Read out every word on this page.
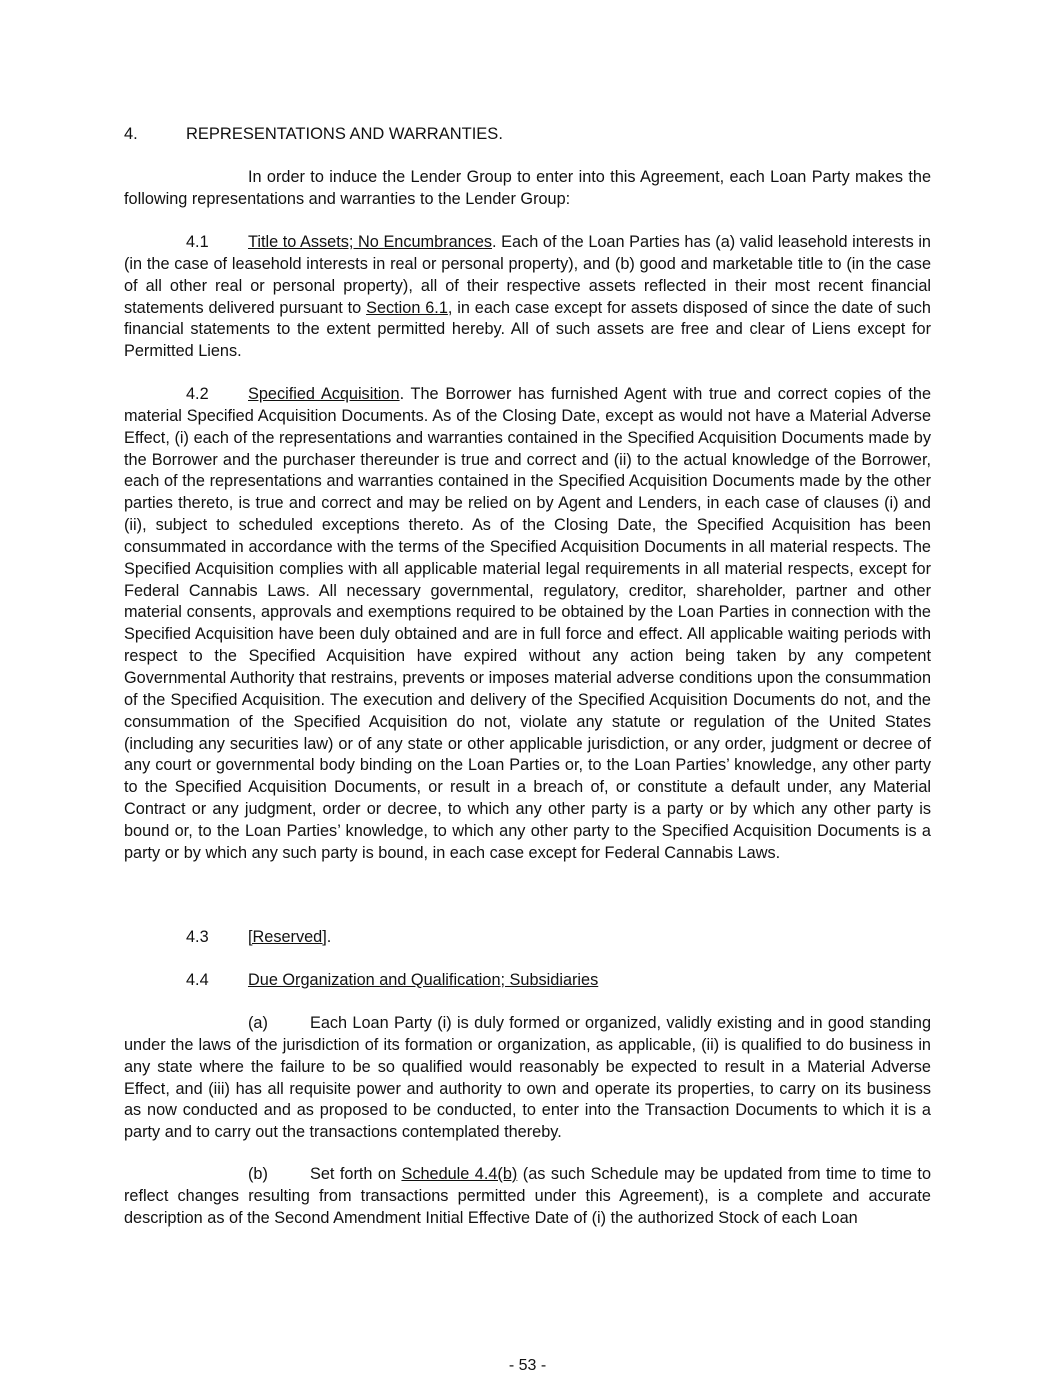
4.	REPRESENTATIONS AND WARRANTIES.

In order to induce the Lender Group to enter into this Agreement, each Loan Party makes the following representations and warranties to the Lender Group:

4.1 Title to Assets; No Encumbrances. Each of the Loan Parties has (a) valid leasehold interests in (in the case of leasehold interests in real or personal property), and (b) good and marketable title to (in the case of all other real or personal property), all of their respective assets reflected in their most recent financial statements delivered pursuant to Section 6.1, in each case except for assets disposed of since the date of such financial statements to the extent permitted hereby. All of such assets are free and clear of Liens except for Permitted Liens.

4.2 Specified Acquisition. The Borrower has furnished Agent with true and correct copies of the material Specified Acquisition Documents. As of the Closing Date, except as would not have a Material Adverse Effect, (i) each of the representations and warranties contained in the Specified Acquisition Documents made by the Borrower and the purchaser thereunder is true and correct and (ii) to the actual knowledge of the Borrower, each of the representations and warranties contained in the Specified Acquisition Documents made by the other parties thereto, is true and correct and may be relied on by Agent and Lenders, in each case of clauses (i) and (ii), subject to scheduled exceptions thereto. As of the Closing Date, the Specified Acquisition has been consummated in accordance with the terms of the Specified Acquisition Documents in all material respects. The Specified Acquisition complies with all applicable material legal requirements in all material respects, except for Federal Cannabis Laws. All necessary governmental, regulatory, creditor, shareholder, partner and other material consents, approvals and exemptions required to be obtained by the Loan Parties in connection with the Specified Acquisition have been duly obtained and are in full force and effect. All applicable waiting periods with respect to the Specified Acquisition have expired without any action being taken by any competent Governmental Authority that restrains, prevents or imposes material adverse conditions upon the consummation of the Specified Acquisition. The execution and delivery of the Specified Acquisition Documents do not, and the consummation of the Specified Acquisition do not, violate any statute or regulation of the United States (including any securities law) or of any state or other applicable jurisdiction, or any order, judgment or decree of any court or governmental body binding on the Loan Parties or, to the Loan Parties’ knowledge, any other party to the Specified Acquisition Documents, or result in a breach of, or constitute a default under, any Material Contract or any judgment, order or decree, to which any other party is a party or by which any other party is bound or, to the Loan Parties’ knowledge, to which any other party to the Specified Acquisition Documents is a party or by which any such party is bound, in each case except for Federal Cannabis Laws.

4.3 [Reserved].

4.4 Due Organization and Qualification; Subsidiaries

(a)	Each Loan Party (i) is duly formed or organized, validly existing and in good standing under the laws of the jurisdiction of its formation or organization, as applicable, (ii) is qualified to do business in any state where the failure to be so qualified would reasonably be expected to result in a Material Adverse Effect, and (iii) has all requisite power and authority to own and operate its properties, to carry on its business as now conducted and as proposed to be conducted, to enter into the Transaction Documents to which it is a party and to carry out the transactions contemplated thereby.

(b)	Set forth on Schedule 4.4(b) (as such Schedule may be updated from time to time to reflect changes resulting from transactions permitted under this Agreement), is a complete and accurate description as of the Second Amendment Initial Effective Date of (i) the authorized Stock of each Loan

- 53 -
